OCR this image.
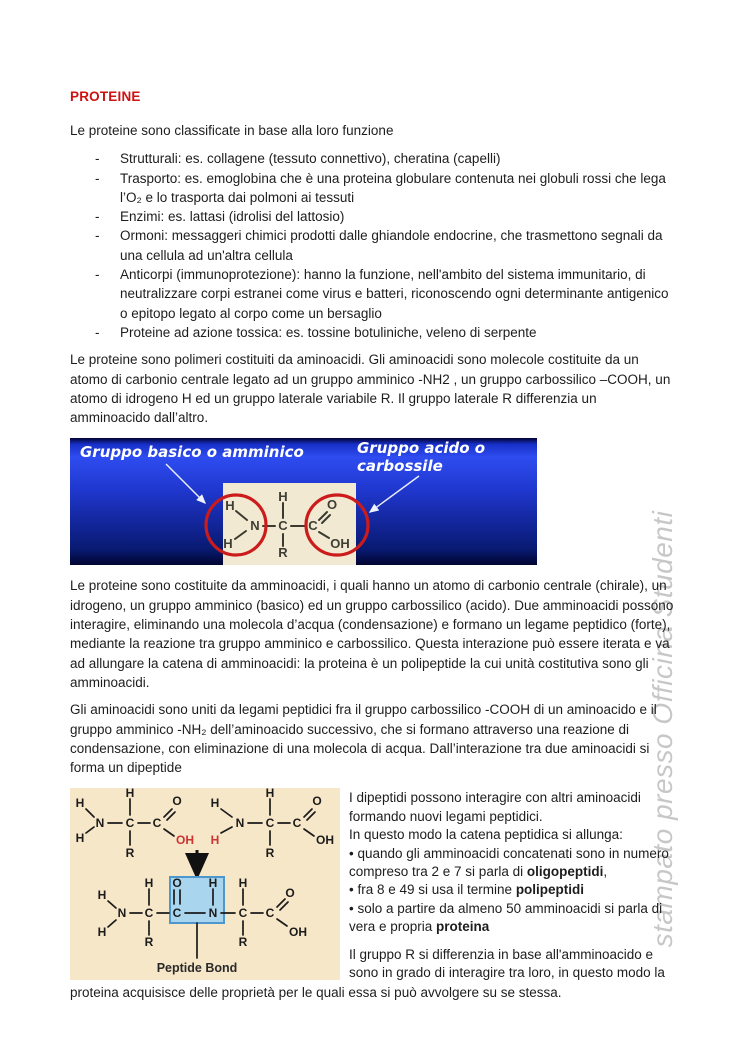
stampato presso Officina Studenti

PROTEINE

Le proteine sono classificate in base alla loro funzione

- Strutturali: es. collagene (tessuto connettivo), cheratina (capelli)
- Trasporto: es. emoglobina che è una proteina globulare contenuta nei globuli rossi che lega l’O₂ e lo trasporta dai polmoni ai tessuti
- Enzimi: es. lattasi (idrolisi del lattosio)
- Ormoni: messaggeri chimici prodotti dalle ghiandole endocrine, che trasmettono segnali da una cellula ad un'altra cellula
- Anticorpi (immunoprotezione): hanno la funzione, nell'ambito del sistema immunitario, di neutralizzare corpi estranei come virus e batteri, riconoscendo ogni determinante antigenico o epitopo legato al corpo come un bersaglio
- Proteine ad azione tossica: es. tossine botuliniche, veleno di serpente

Le proteine sono polimeri costituiti da aminoacidi. Gli aminoacidi sono molecole costituite da un atomo di carbonio centrale legato ad un gruppo amminico -NH2 , un gruppo carbossilico –COOH, un atomo di idrogeno H ed un gruppo laterale variabile R. Il gruppo laterale R differenzia un amminoacido dall’altro.

Gruppo basico o amminico	Gruppo acido o
carbossile
H
H
N
H
C
R
C
O
OH

Le proteine sono costituite da amminoacidi, i quali hanno un atomo di carbonio centrale (chirale), un idrogeno, un gruppo amminico (basico) ed un gruppo carbossilico (acido). Due amminoacidi possono interagire, eliminando una molecola d’acqua (condensazione) e formano un legame peptidico (forte), mediante la reazione tra gruppo amminico e carbossilico. Questa interazione può essere iterata e va ad allungare la catena di amminoacidi: la proteina è un polipeptide la cui unità costitutiva sono gli amminoacidi.

Gli aminoacidi sono uniti da legami peptidici fra il gruppo carbossilico -COOH di un aminoacido e il gruppo amminico -NH₂ dell’aminoacido successivo, che si formano attraverso una reazione di condensazione, con eliminazione di una molecola di acqua. Dall’interazione tra due aminoacidi si forma un dipeptide

H
H
N
H
C
R
C
O
OH
H
H
N
H
C
R
C
O
OH
H
H
N
H
C
R
O
C
H
N
H
C
R
C
O
OH
Peptide Bond
I dipeptidi possono interagire con altri aminoacidi
formando nuovi legami peptidici.
In questo modo la catena peptidica si allunga:
• quando gli amminoacidi concatenati sono in numero
compreso tra 2 e 7 si parla di oligopeptidi,
• fra 8 e 49 si usa il termine polipeptidi
• solo a partire da almeno 50 amminoacidi si parla di
vera e propria proteina
Il gruppo R si differenzia in base all'amminoacido e
sono in grado di interagire tra loro, in questo modo la

proteina acquisisce delle proprietà per le quali essa si può avvolgere su se stessa.
